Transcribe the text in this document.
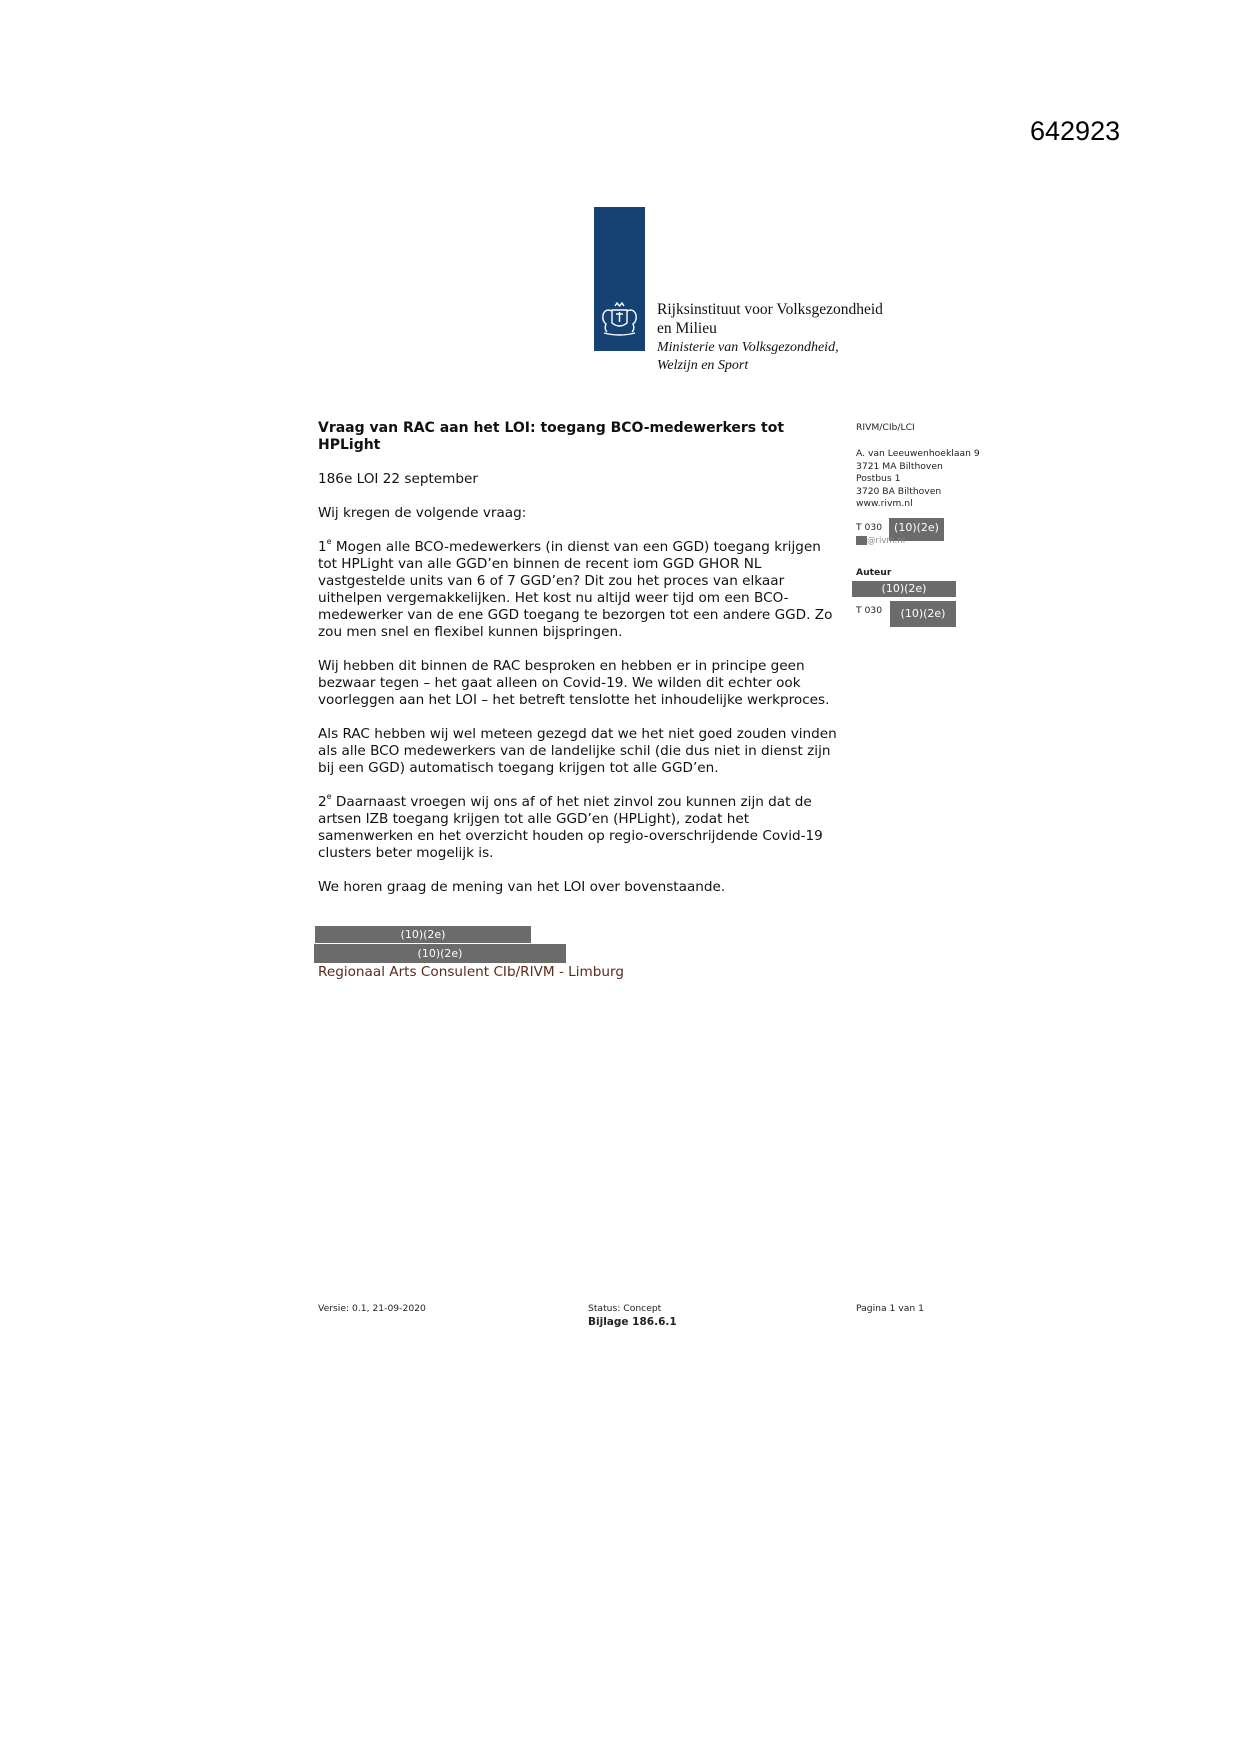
642923
Rijksinstituut voor Volksgezondheid
en Milieu
Ministerie van Volksgezondheid,
Welzijn en Sport

Vraag van RAC aan het LOI: toegang BCO-medewerkers tot HPLight

186e LOI 22 september

Wij kregen de volgende vraag:

1e Mogen alle BCO-medewerkers (in dienst van een GGD) toegang krijgen tot HPLight van alle GGD’en binnen de recent iom GGD GHOR NL vastgestelde units van 6 of 7 GGD’en? Dit zou het proces van elkaar uithelpen vergemakkelijken. Het kost nu altijd weer tijd om een BCO-medewerker van de ene GGD toegang te bezorgen tot een andere GGD. Zo zou men snel en flexibel kunnen bijspringen.

Wij hebben dit binnen de RAC besproken en hebben er in principe geen bezwaar tegen – het gaat alleen on Covid-19. We wilden dit echter ook voorleggen aan het LOI – het betreft tenslotte het inhoudelijke werkproces.

Als RAC hebben wij wel meteen gezegd dat we het niet goed zouden vinden als alle BCO medewerkers van de landelijke schil (die dus niet in dienst zijn bij een GGD) automatisch toegang krijgen tot alle GGD’en.

2e Daarnaast vroegen wij ons af of het niet zinvol zou kunnen zijn dat de artsen IZB toegang krijgen tot alle GGD’en (HPLight), zodat het samenwerken en het overzicht houden op regio-overschrijdende Covid-19 clusters beter mogelijk is.

We horen graag de mening van het LOI over bovenstaande.

(10)(2e)
(10)(2e)
Regionaal Arts Consulent CIb/RIVM - Limburg
RIVM/CIb/LCI
A. van Leeuwenhoeklaan 9
3721 MA Bilthoven
Postbus 1
3720 BA Bilthoven
www.rivm.nl
T 030	(10)(2e)
@rivm.nl
Auteur
(10)(2e)
T 030	(10)(2e)
Versie: 0.1, 21-09-2020	Status: Concept
Bijlage 186.6.1
Pagina 1 van 1
